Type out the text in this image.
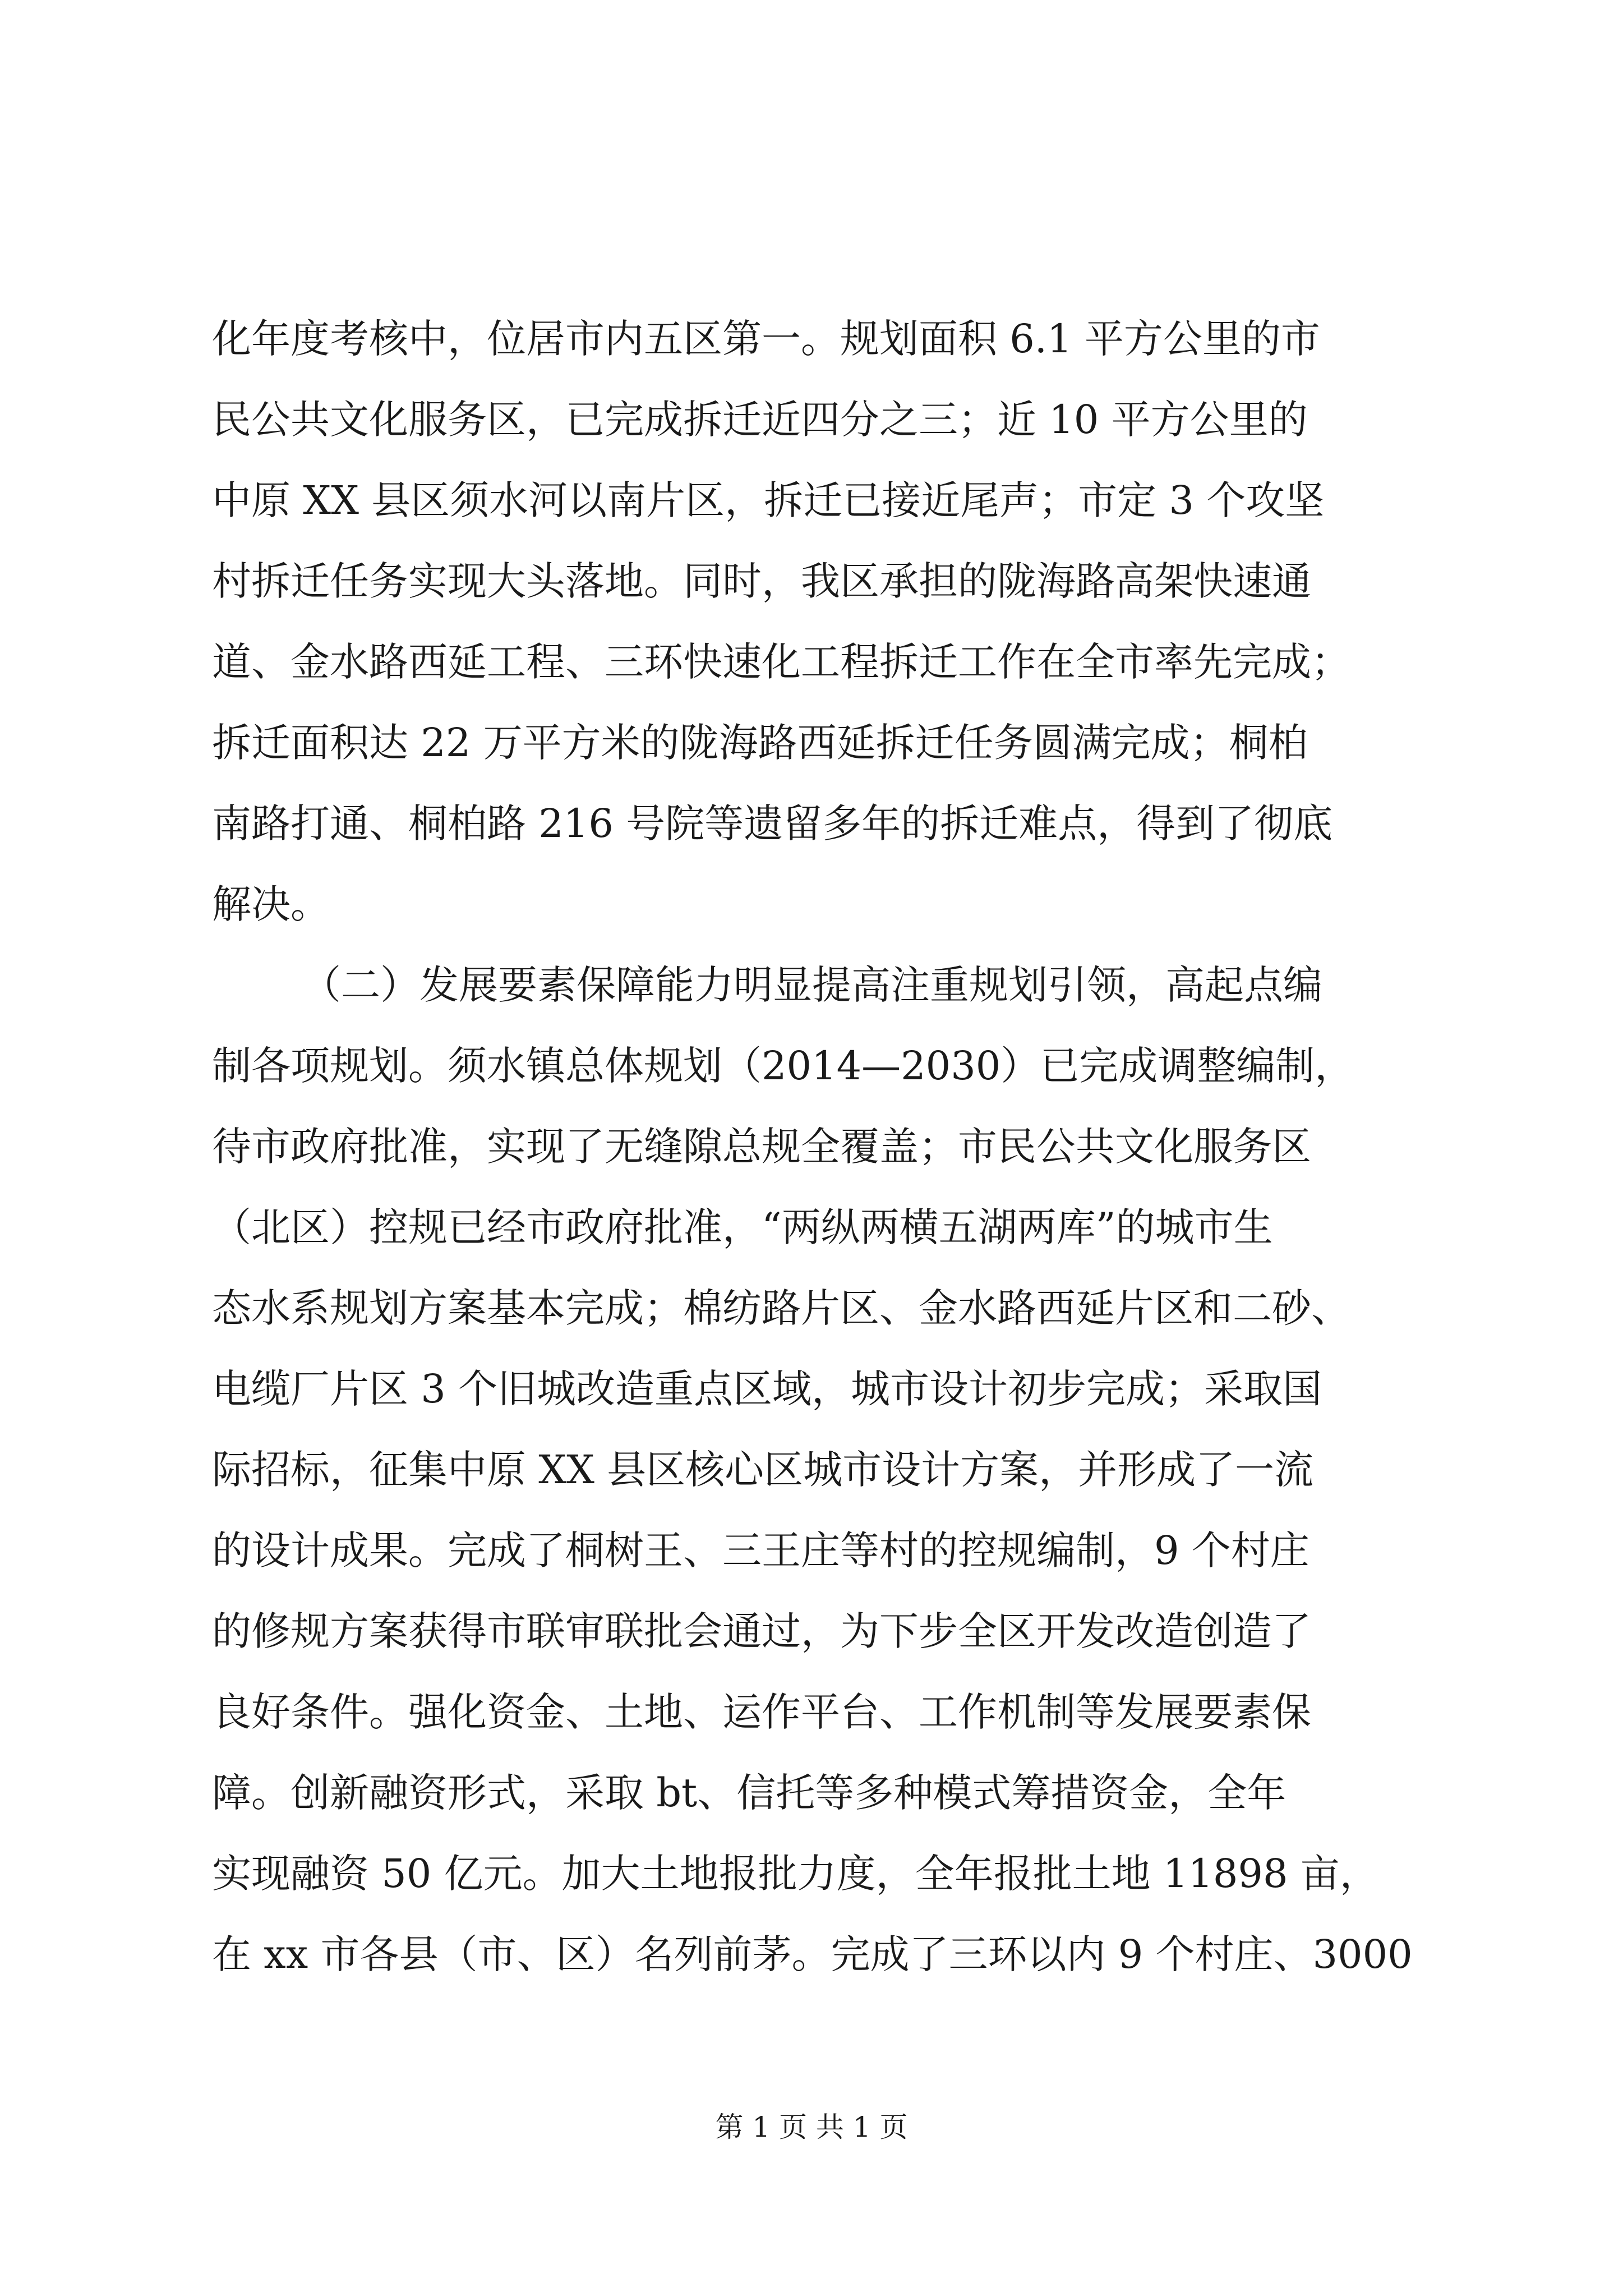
化年度考核中，位居市内五区第一。规划面积 6.1 平方公里的市
民公共文化服务区，已完成拆迁近四分之三；近 10 平方公里的
中原 XX 县区须水河以南片区，拆迁已接近尾声；市定 3 个攻坚
村拆迁任务实现大头落地。同时，我区承担的陇海路高架快速通
道、金水路西延工程、三环快速化工程拆迁工作在全市率先完成；
拆迁面积达 22 万平方米的陇海路西延拆迁任务圆满完成；桐柏
南路打通、桐柏路 216 号院等遗留多年的拆迁难点，得到了彻底
解决。
（二）发展要素保障能力明显提高注重规划引领，高起点编
制各项规划。须水镇总体规划（2014—2030）已完成调整编制，
待市政府批准，实现了无缝隙总规全覆盖；市民公共文化服务区
（北区）控规已经市政府批准，“两纵两横五湖两库”的城市生
态水系规划方案基本完成；棉纺路片区、金水路西延片区和二砂、
电缆厂片区 3 个旧城改造重点区域，城市设计初步完成；采取国
际招标，征集中原 XX 县区核心区城市设计方案，并形成了一流
的设计成果。完成了桐树王、三王庄等村的控规编制，9 个村庄
的修规方案获得市联审联批会通过，为下步全区开发改造创造了
良好条件。强化资金、土地、运作平台、工作机制等发展要素保
障。创新融资形式，采取 bt、信托等多种模式筹措资金，全年
实现融资 50 亿元。加大土地报批力度，全年报批土地 11898 亩，
在 xx 市各县（市、区）名列前茅。完成了三环以内 9 个村庄、3000
第 1 页 共 1 页
